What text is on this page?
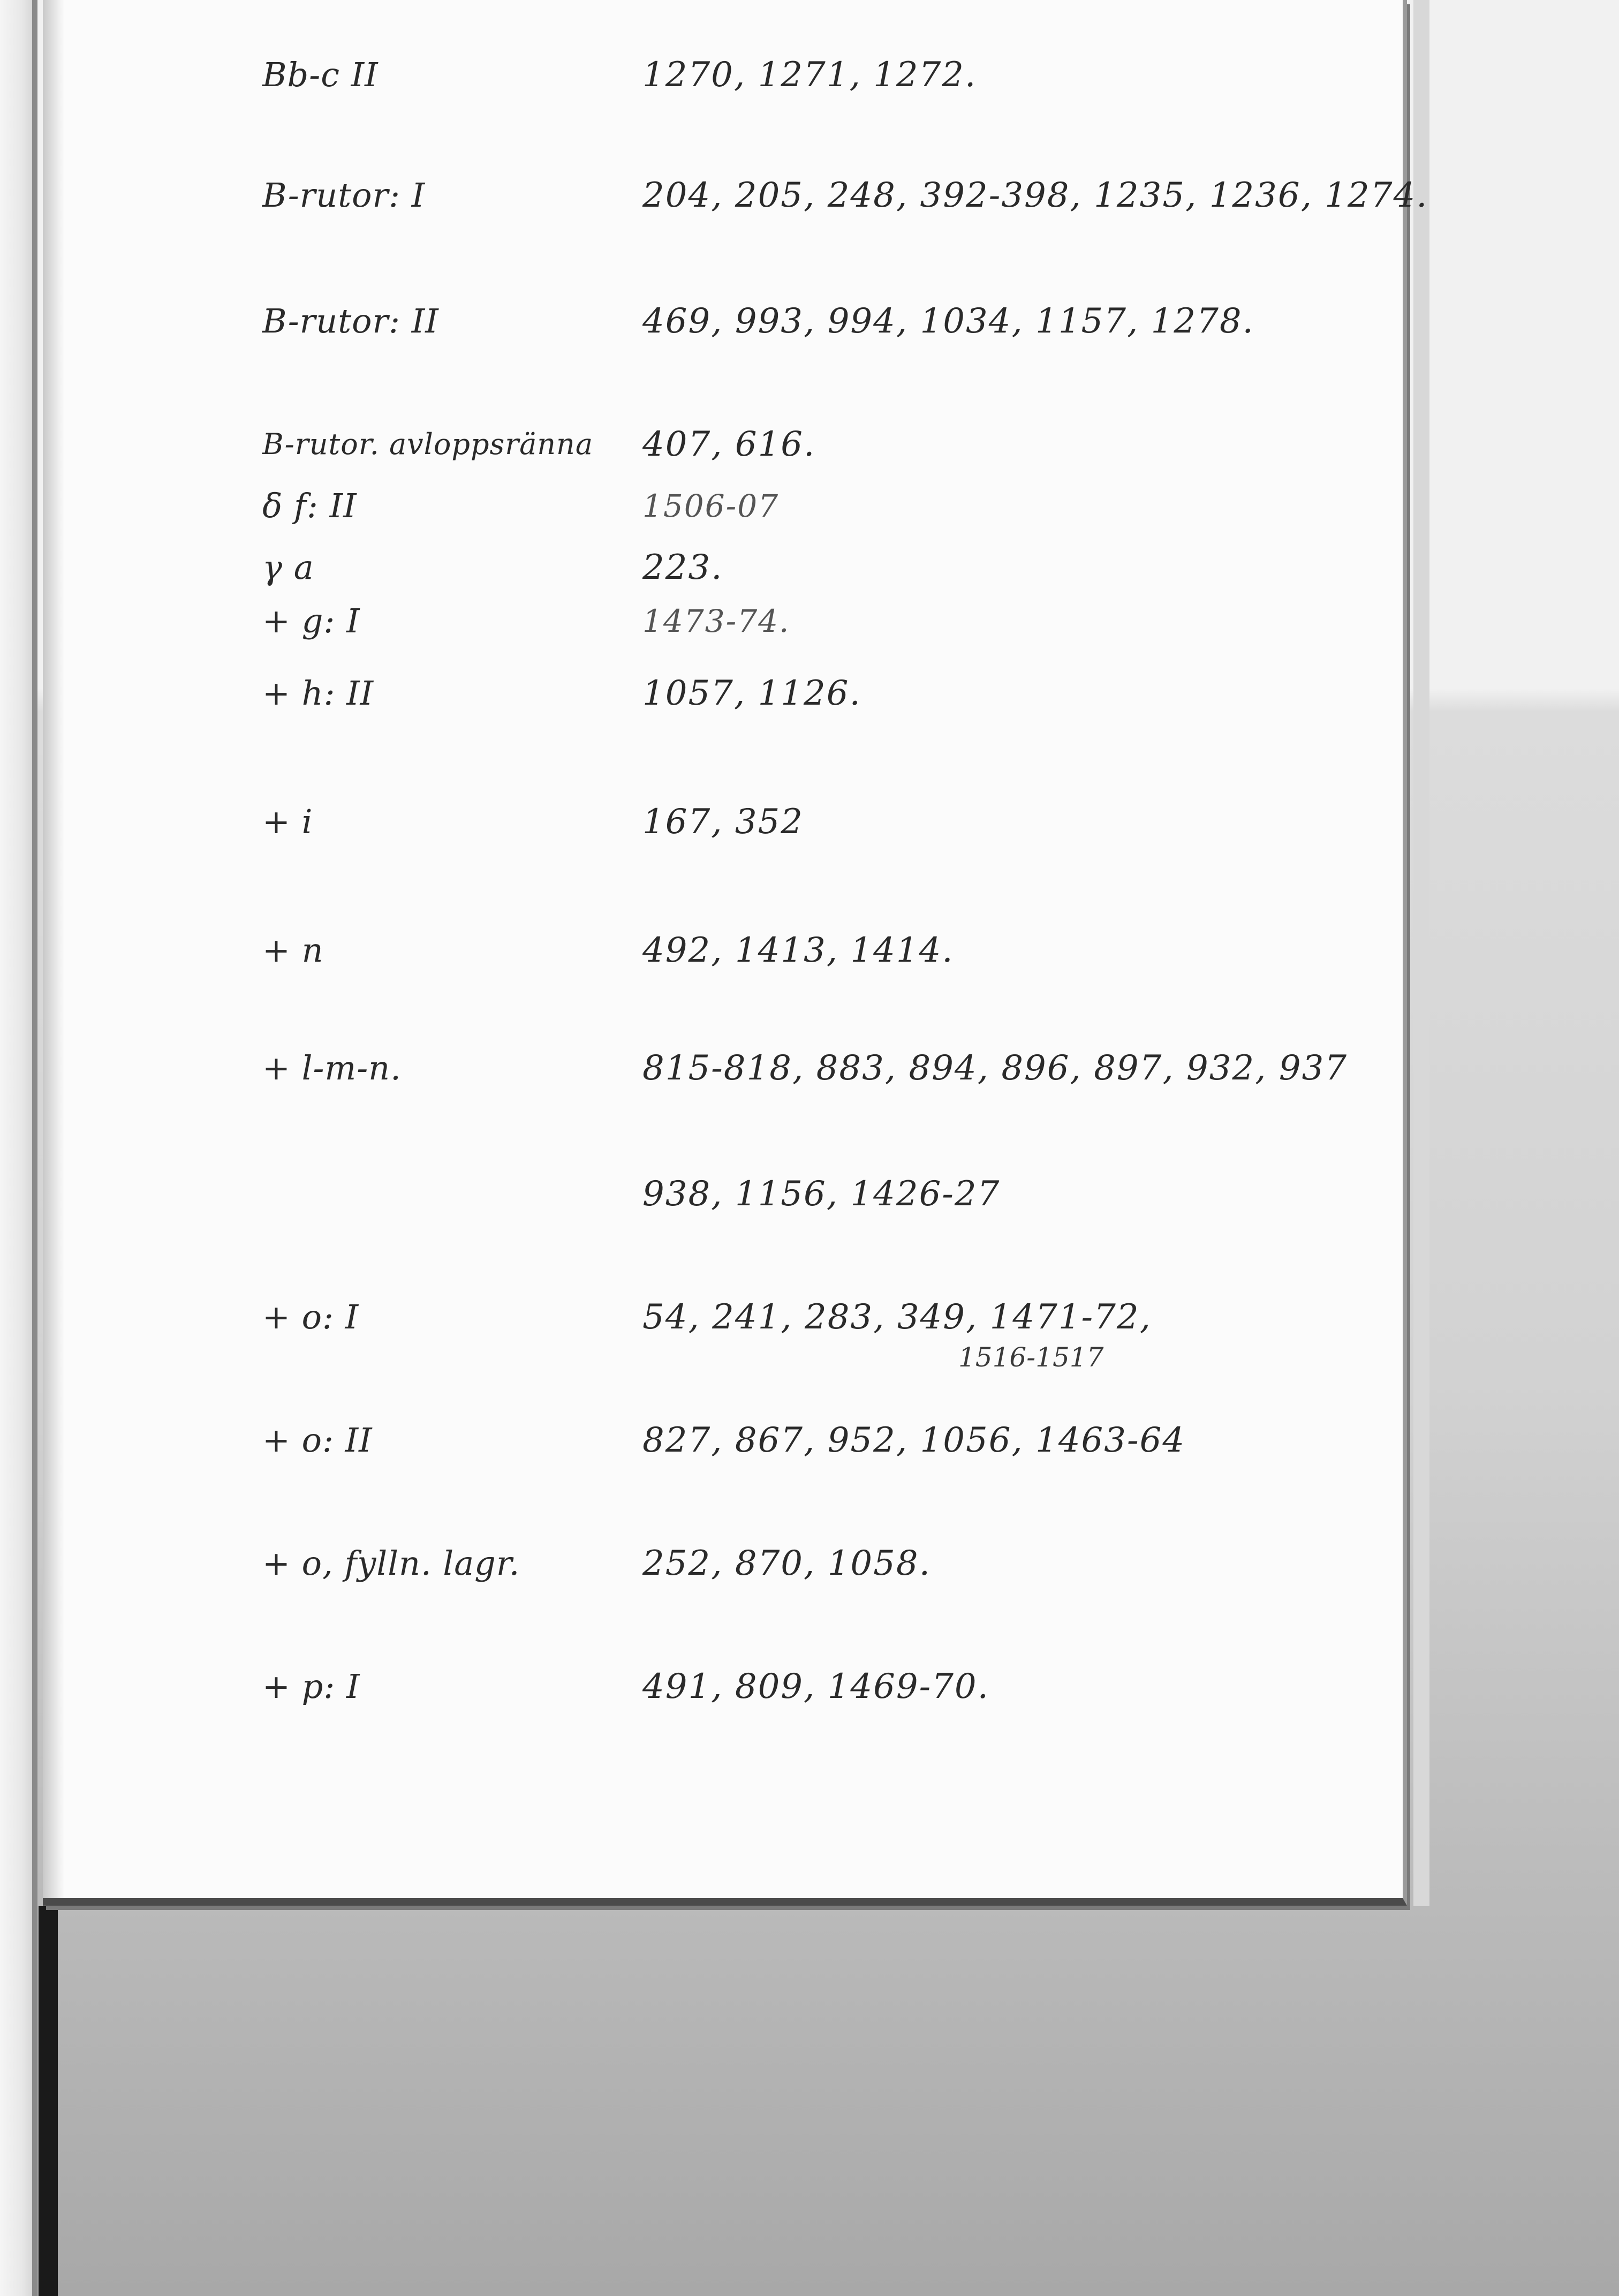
Bb-c II	1270, 1271, 1272.
B-rutor: I	204, 205, 248, 392-398, 1235, 1236, 1274.
B-rutor: II	469, 993, 994, 1034, 1157, 1278.
B-rutor. avloppsränna 407, 616.
δ f: II	1506-07
γ a	223.
+ g: I	1473-74.
+ h: II	1057, 1126.
+ i	167, 352
+ n	492, 1413, 1414.
+ l-m-n.	815-818, 883, 894, 896, 897, 932, 937
938, 1156, 1426-27
+ o: I	54, 241, 283, 349, 1471-72,
1516-1517
+ o: II	827, 867, 952, 1056, 1463-64
+ o, fylln. lagr.	252, 870, 1058.
+ p: I	491, 809, 1469-70.
